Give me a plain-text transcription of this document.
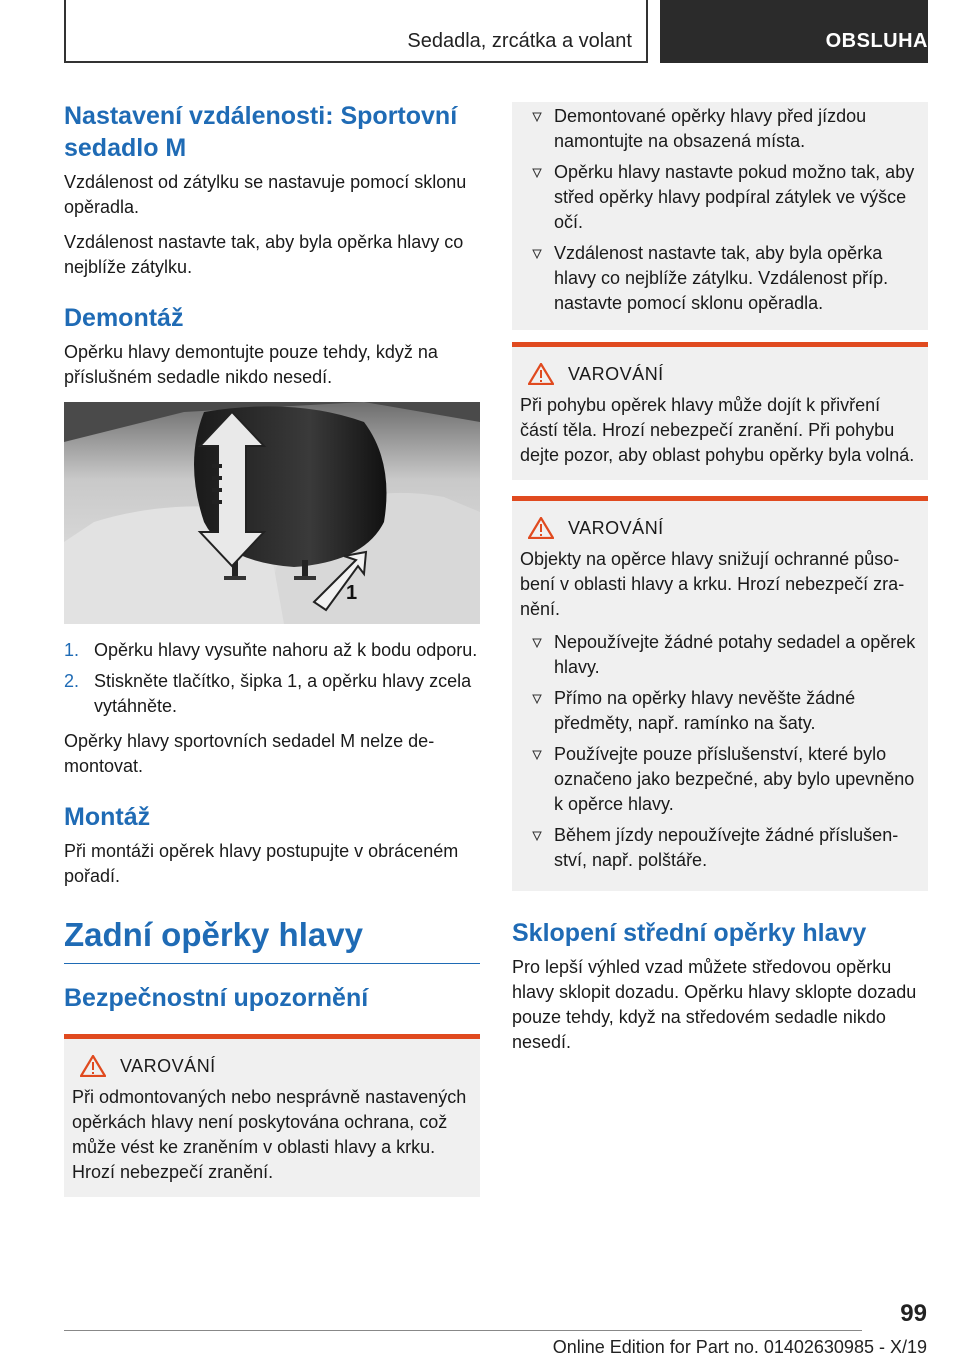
Sedadla, zrcátka a volant	OBSLUHA
Nastavení vzdálenosti: Sportovní sedadlo M

Vzdálenost od zátylku se nastavuje pomocí sklonu opěradla.

Vzdálenost nastavte tak, aby byla opěrka hlavy co nejblíže zátylku.

Demontáž

Opěrku hlavy demontujte pouze tehdy, když na příslušném sedadle nikdo nesedí.

1
1. Opěrku hlavy vysuňte nahoru až k bodu odporu.
2. Stiskněte tlačítko, šipka 1, a opěrku hlavy zcela vytáhněte.

Opěrky hlavy sportovních sedadel M nelze demontovat.

Montáž

Při montáži opěrek hlavy postupujte v obráceném pořadí.

Zadní opěrky hlavy
Bezpečnostní upozornění
VAROVÁNÍ

Při odmontovaných nebo nesprávně nastavených opěrkách hlavy není poskytována ochrana, což může vést ke zraněním v oblasti hlavy a krku. Hrozí nebezpečí zranění.

Demontované opěrky hlavy před jízdou namontujte na obsazená místa.
Opěrku hlavy nastavte pokud možno tak, aby střed opěrky hlavy podpíral zátylek ve výšce očí.
Vzdálenost nastavte tak, aby byla opěrka hlavy co nejblíže zátylku. Vzdálenost příp. nastavte pomocí sklonu opěradla.
VAROVÁNÍ

Při pohybu opěrek hlavy může dojít k přivření částí těla. Hrozí nebezpečí zranění. Při pohybu dejte pozor, aby oblast pohybu opěrky byla volná.

VAROVÁNÍ

Objekty na opěrce hlavy snižují ochranné působení v oblasti hlavy a krku. Hrozí nebezpečí zranění.

Nepoužívejte žádné potahy sedadel a opěrek hlavy.
Přímo na opěrky hlavy nevěšte žádné předměty, např. ramínko na šaty.
Používejte pouze příslušenství, které bylo označeno jako bezpečné, aby bylo upevněno k opěrce hlavy.
Během jízdy nepoužívejte žádné příslušenství, např. polštáře.
Sklopení střední opěrky hlavy

Pro lepší výhled vzad můžete středovou opěrku hlavy sklopit dozadu. Opěrku hlavy sklopte dozadu pouze tehdy, když na středovém sedadle nikdo nesedí.

99
Online Edition for Part no. 01402630985 - X/19
